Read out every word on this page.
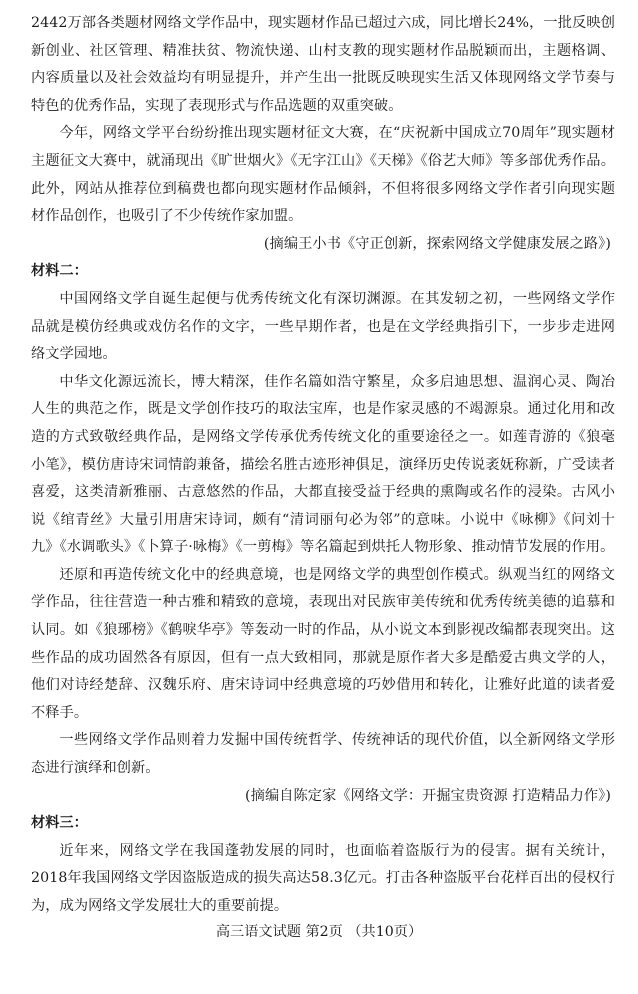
2442万部各类题材网络文学作品中，现实题材作品已超过六成，同比增长24%，一批反映创新创业、社区管理、精准扶贫、物流快递、山村支教的现实题材作品脱颖而出，主题格调、内容质量以及社会效益均有明显提升，并产生出一批既反映现实生活又体现网络文学节奏与特色的优秀作品，实现了表现形式与作品选题的双重突破。

今年，网络文学平台纷纷推出现实题材征文大赛，在“庆祝新中国成立70周年”现实题材主题征文大赛中，就涌现出《旷世烟火》《无字江山》《天梯》《俗艺大师》等多部优秀作品。此外，网站从推荐位到稿费也都向现实题材作品倾斜，不但将很多网络文学作者引向现实题材作品创作，也吸引了不少传统作家加盟。

(摘编王小书《守正创新，探索网络文学健康发展之路》)

材料二：

中国网络文学自诞生起便与优秀传统文化有深切渊源。在其发轫之初，一些网络文学作品就是模仿经典或戏仿名作的文字，一些早期作者，也是在文学经典指引下，一步步走进网络文学园地。

中华文化源远流长，博大精深，佳作名篇如浩守繁星，众多启迪思想、温润心灵、陶冶人生的典范之作，既是文学创作技巧的取法宝库，也是作家灵感的不竭源泉。通过化用和改造的方式致敬经典作品，是网络文学传承优秀传统文化的重要途径之一。如莲青游的《狼毫小笔》，模仿唐诗宋词情韵兼备，描绘名胜古迹形神俱足，演绎历史传说袤妩称新，广受读者喜爱，这类清新雅丽、古意悠然的作品，大都直接受益于经典的熏陶或名作的浸染。古风小说《绾青丝》大量引用唐宋诗词，颇有“清词丽句必为邻”的意味。小说中《咏柳》《问刘十九》《水调歌头》《卜算子·咏梅》《一剪梅》等名篇起到烘托人物形象、推动情节发展的作用。

还原和再造传统文化中的经典意境，也是网络文学的典型创作模式。纵观当红的网络文学作品，往往营造一种古雅和精致的意境，表现出对民族审美传统和优秀传统美德的追慕和认同。如《狼琊榜》《鹤唳华亭》等轰动一时的作品，从小说文本到影视改编都表现突出。这些作品的成功固然各有原因，但有一点大致相同，那就是原作者大多是酷爱古典文学的人，他们对诗经楚辞、汉魏乐府、唐宋诗词中经典意境的巧妙借用和转化，让雅好此道的读者爱不释手。

一些网络文学作品则着力发掘中国传统哲学、传统神话的现代价值，以全新网络文学形态进行演绎和创新。

(摘编自陈定家《网络文学：开掘宝贵资源 打造精品力作》)

材料三：

近年来，网络文学在我国蓬勃发展的同时，也面临着盗版行为的侵害。据有关统计，2018年我国网络文学因盗版造成的损失高达58.3亿元。打击各种盗版平台花样百出的侵权行为，成为网络文学发展壮大的重要前提。

高三语文试题 第2页 （共10页）
